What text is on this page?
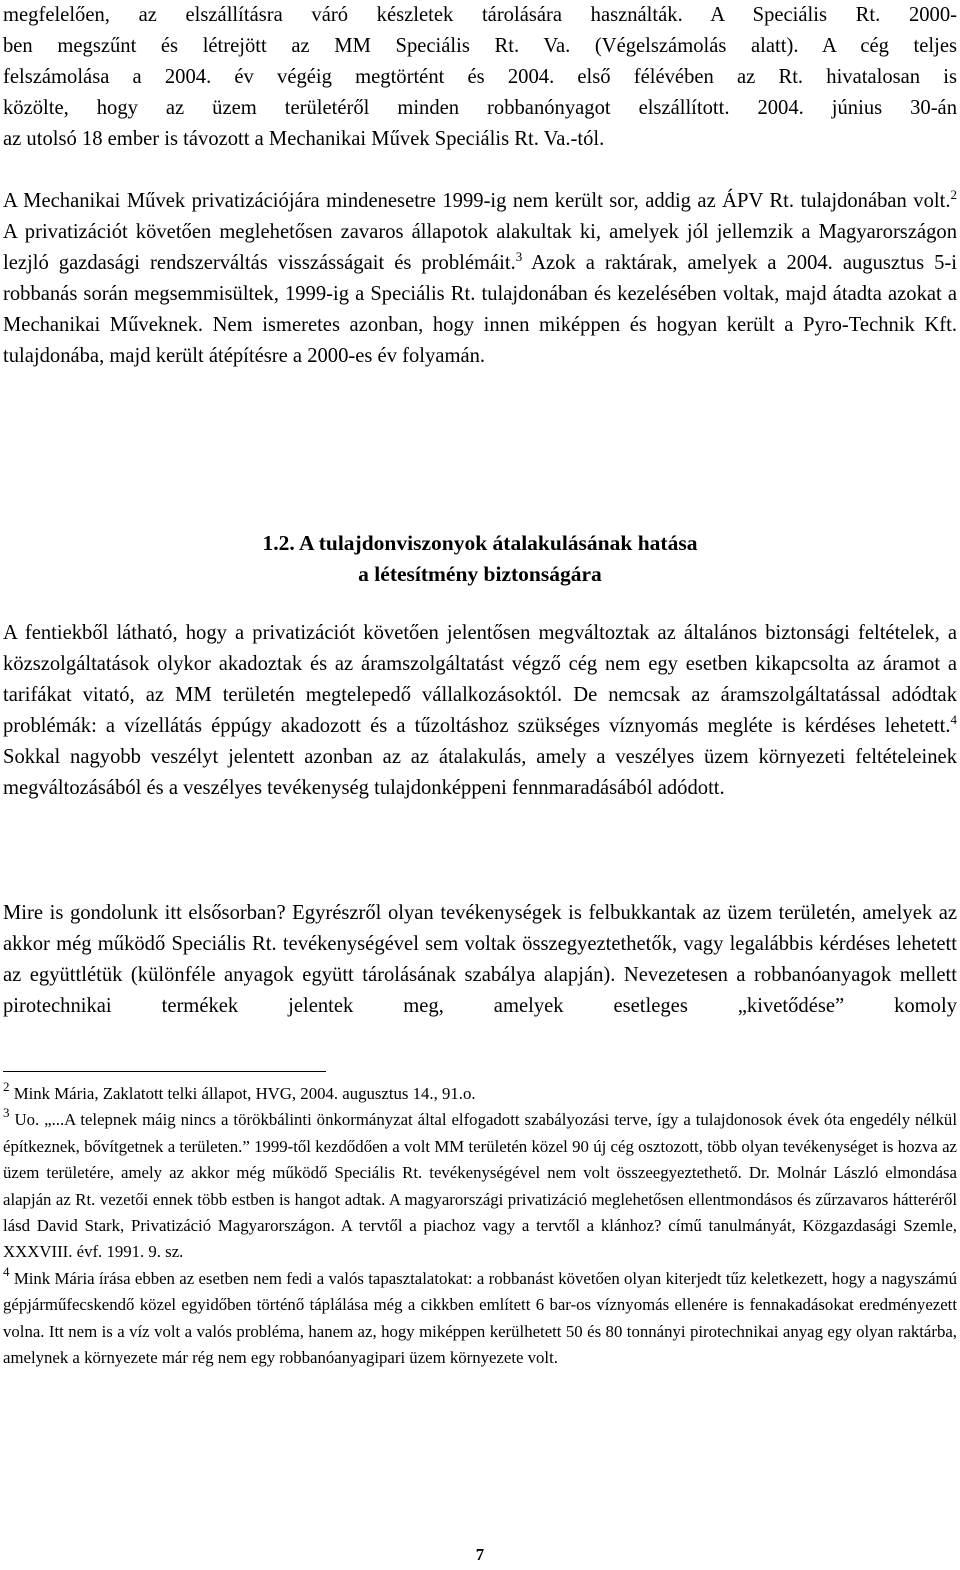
megfelelően, az elszállításra váró készletek tárolására használták. A Speciális Rt. 2000-
ben megszűnt és létrejött az MM Speciális Rt. Va. (Végelszámolás alatt). A cég teljes
felszámolása a 2004. év végéig megtörtént és 2004. első félévében az Rt. hivatalosan is
közölte, hogy az üzem területéről minden robbanónyagot elszállított. 2004. június 30-án
az utolsó 18 ember is távozott a Mechanikai Művek Speciális Rt. Va.-tól.

A Mechanikai Művek privatizációjára mindenesetre 1999-ig nem került sor, addig az ÁPV Rt. tulajdonában volt.$^2$ A privatizációt követően meglehetősen zavaros állapotok alakultak ki, amelyek jól jellemzik a Magyarországon lezjló gazdasági rendszerváltás visszásságait és problémáit.$^3$ Azok a raktárak, amelyek a 2004. augusztus 5-i robbanás során megsemmisültek, 1999-ig a Speciális Rt. tulajdonában és kezelésében voltak, majd átadta azokat a Mechanikai Műveknek. Nem ismeretes azonban, hogy innen miképpen és hogyan került a Pyro-Technik Kft. tulajdonába, majd került átépítésre a 2000-es év folyamán.

1.2. A tulajdonviszonyok átalakulásának hatása
a létesítmény biztonságára

A fentiekből látható, hogy a privatizációt követően jelentősen megváltoztak az általános biztonsági feltételek, a közszolgáltatások olykor akadoztak és az áramszolgáltatást végző cég nem egy esetben kikapcsolta az áramot a tarifákat vitató, az MM területén megtelepedő vállalkozásoktól. De nemcsak az áramszolgáltatással adódtak problémák: a vízellátás éppúgy akadozott és a tűzoltáshoz szükséges víznyomás megléte is kérdéses lehetett.$^4$ Sokkal nagyobb veszélyt jelentett azonban az az átalakulás, amely a veszélyes üzem környezeti feltételeinek megváltozásából és a veszélyes tevékenység tulajdonképpeni fennmaradásából adódott.

Mire is gondolunk itt elsősorban? Egyrészről olyan tevékenységek is felbukkantak az üzem területén, amelyek az akkor még működő Speciális Rt. tevékenységével sem voltak összegyeztethetők, vagy legalábbis kérdéses lehetett az együttlétük (különféle anyagok együtt tárolásának szabálya alapján). Nevezetesen a robbanóanyagok mellett pirotechnikai termékek jelentek meg, amelyek esetleges „kivetődése” komoly

$^2$ Mink Mária, Zaklatott telki állapot, HVG, 2004. augusztus 14., 91.o.

$^3$ Uo. „...A telepnek máig nincs a törökbálinti önkormányzat által elfogadott szabályozási terve, így a tulajdonosok évek óta engedély nélkül építkeznek, bővítgetnek a területen.” 1999-től kezdődően a volt MM területén közel 90 új cég osztozott, több olyan tevékenységet is hozva az üzem területére, amely az akkor még működő Speciális Rt. tevékenységével nem volt összeegyeztethető. Dr. Molnár László elmondása alapján az Rt. vezetői ennek több estben is hangot adtak. A magyarországi privatizáció meglehetősen ellentmondásos és zűrzavaros hátteréről lásd David Stark, Privatizáció Magyarországon. A tervtől a piachoz vagy a tervtől a klánhoz? című tanulmányát, Közgazdasági Szemle, XXXVIII. évf. 1991. 9. sz.

$^4$ Mink Mária írása ebben az esetben nem fedi a valós tapasztalatokat: a robbanást követően olyan kiterjedt tűz keletkezett, hogy a nagyszámú gépjárműfecskendő közel egyidőben történő táplálása még a cikkben említett 6 bar-os víznyomás ellenére is fennakadásokat eredményezett volna. Itt nem is a víz volt a valós probléma, hanem az, hogy miképpen kerülhetett 50 és 80 tonnányi pirotechnikai anyag egy olyan raktárba, amelynek a környezete már rég nem egy robbanóanyagipari üzem környezete volt.

7
